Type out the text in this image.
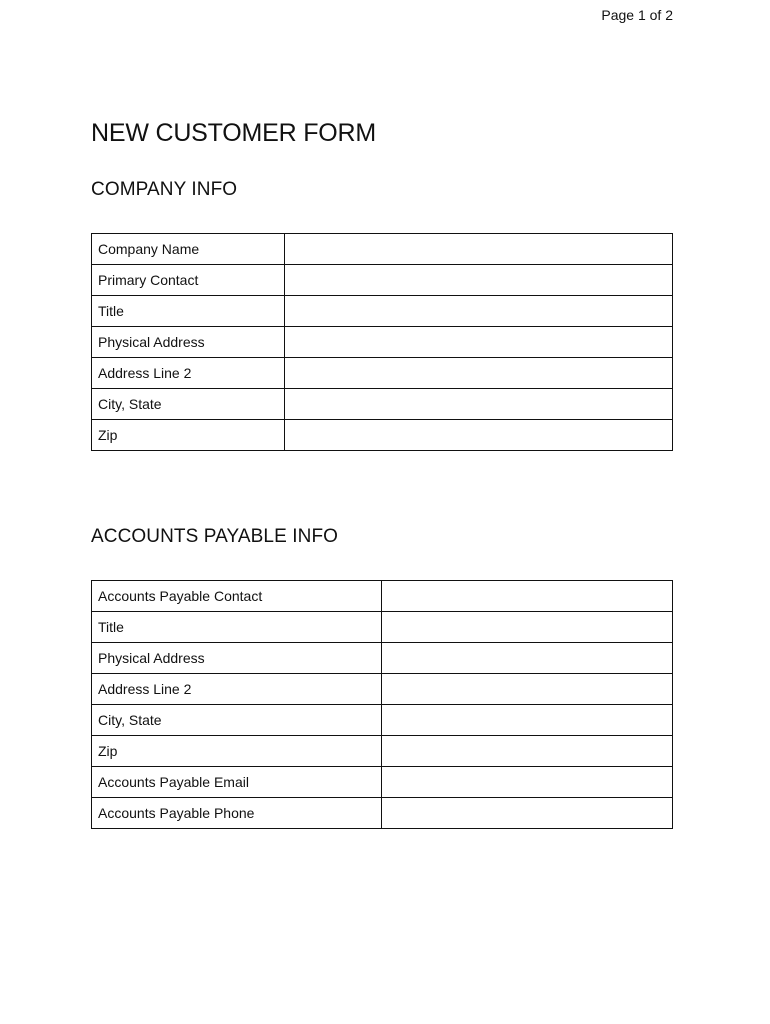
Page 1 of 2
NEW CUSTOMER FORM
COMPANY INFO
Company Name	
Primary Contact	
Title	
Physical Address	
Address Line 2	
City, State	
Zip	
ACCOUNTS PAYABLE INFO
Accounts Payable Contact	
Title	
Physical Address	
Address Line 2	
City, State	
Zip	
Accounts Payable Email	
Accounts Payable Phone	
